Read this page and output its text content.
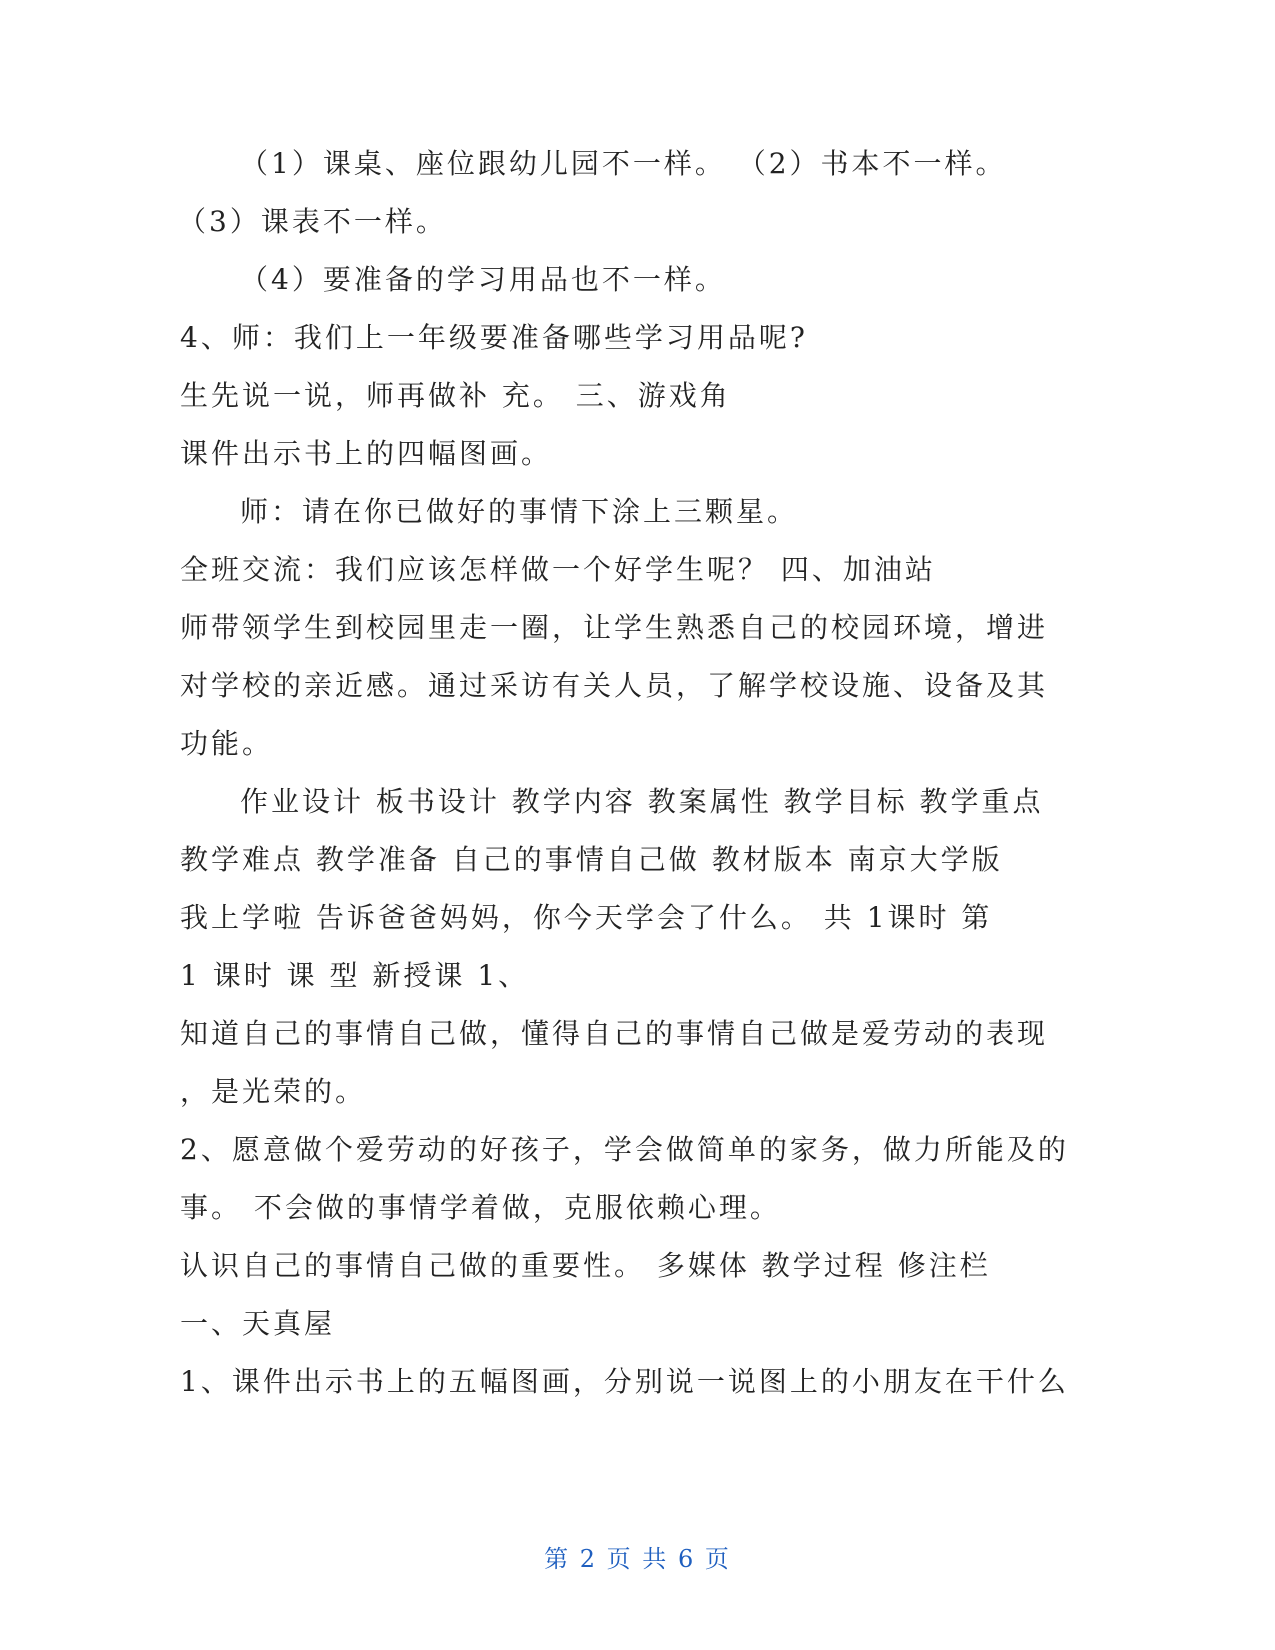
（1）课桌、座位跟幼儿园不一样。 （2）书本不一样。
（3）课表不一样。
（4）要准备的学习用品也不一样。
4、师：我们上一年级要准备哪些学习用品呢?
生先说一说，师再做补 充。 三、游戏角
课件出示书上的四幅图画。
师：请在你已做好的事情下涂上三颗星。
全班交流：我们应该怎样做一个好学生呢？ 四、加油站
师带领学生到校园里走一圈，让学生熟悉自己的校园环境，增进
对学校的亲近感。通过采访有关人员，了解学校设施、设备及其
功能。
作业设计 板书设计 教学内容 教案属性 教学目标 教学重点
教学难点 教学准备 自己的事情自己做 教材版本 南京大学版
我上学啦 告诉爸爸妈妈，你今天学会了什么。 共 1课时 第
1 课时 课 型 新授课 1、
知道自己的事情自己做，懂得自己的事情自己做是爱劳动的表现
，是光荣的。
2、愿意做个爱劳动的好孩子，学会做简单的家务，做力所能及的
事。 不会做的事情学着做，克服依赖心理。
认识自己的事情自己做的重要性。 多媒体 教学过程 修注栏
一、天真屋
1、课件出示书上的五幅图画，分别说一说图上的小朋友在干什么
第 2 页 共 6 页
